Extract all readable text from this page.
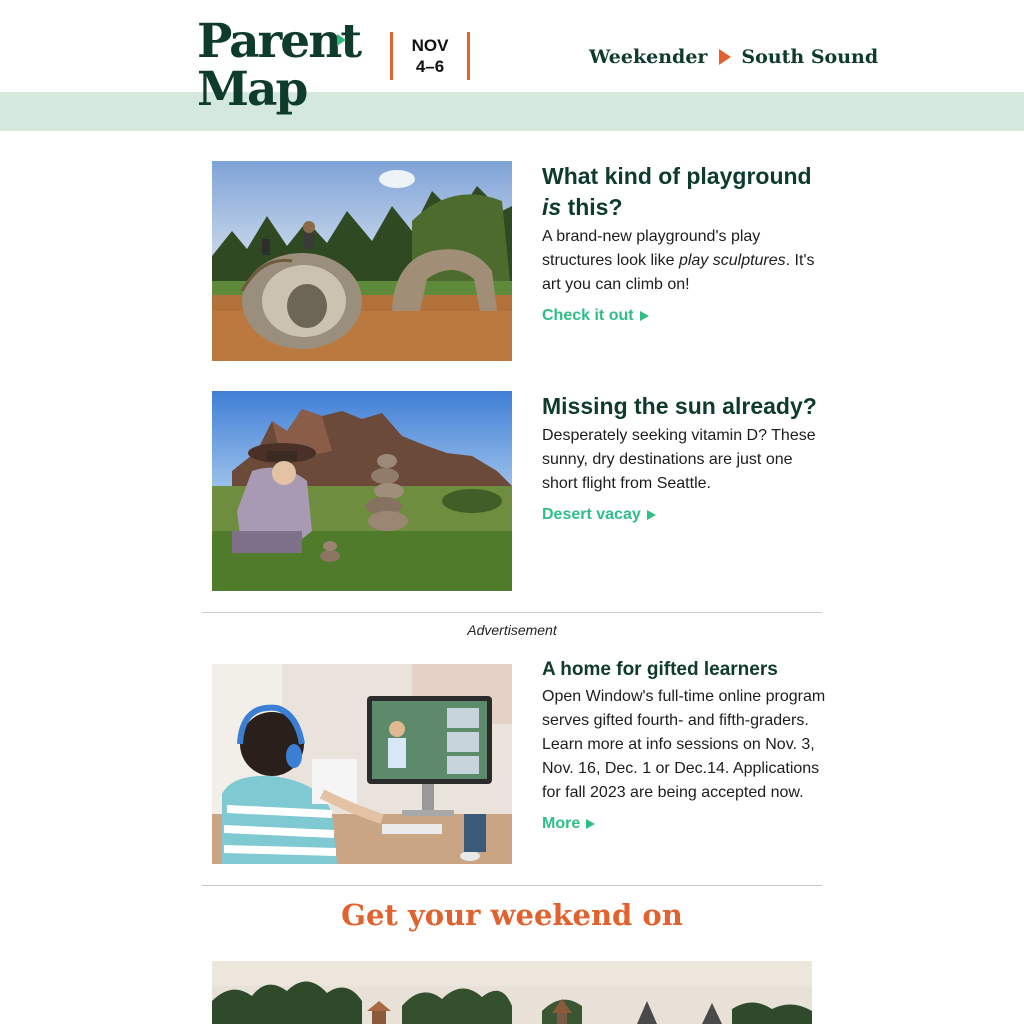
Parent
Map
NOV
4–6	Weekender South Sound
What kind of playground
is this?

A brand-new playground's play structures look like play sculptures. It's art you can climb on!

Check it out
Missing the sun already?

Desperately seeking vitamin D? These sunny, dry destinations are just one short flight from Seattle.

Desert vacay
Advertisement
A home for gifted learners

Open Window's full-time online program serves gifted fourth- and fifth-graders. Learn more at info sessions on Nov. 3, Nov. 16, Dec. 1 or Dec.14. Applications for fall 2023 are being accepted now.

More
Get your weekend on
